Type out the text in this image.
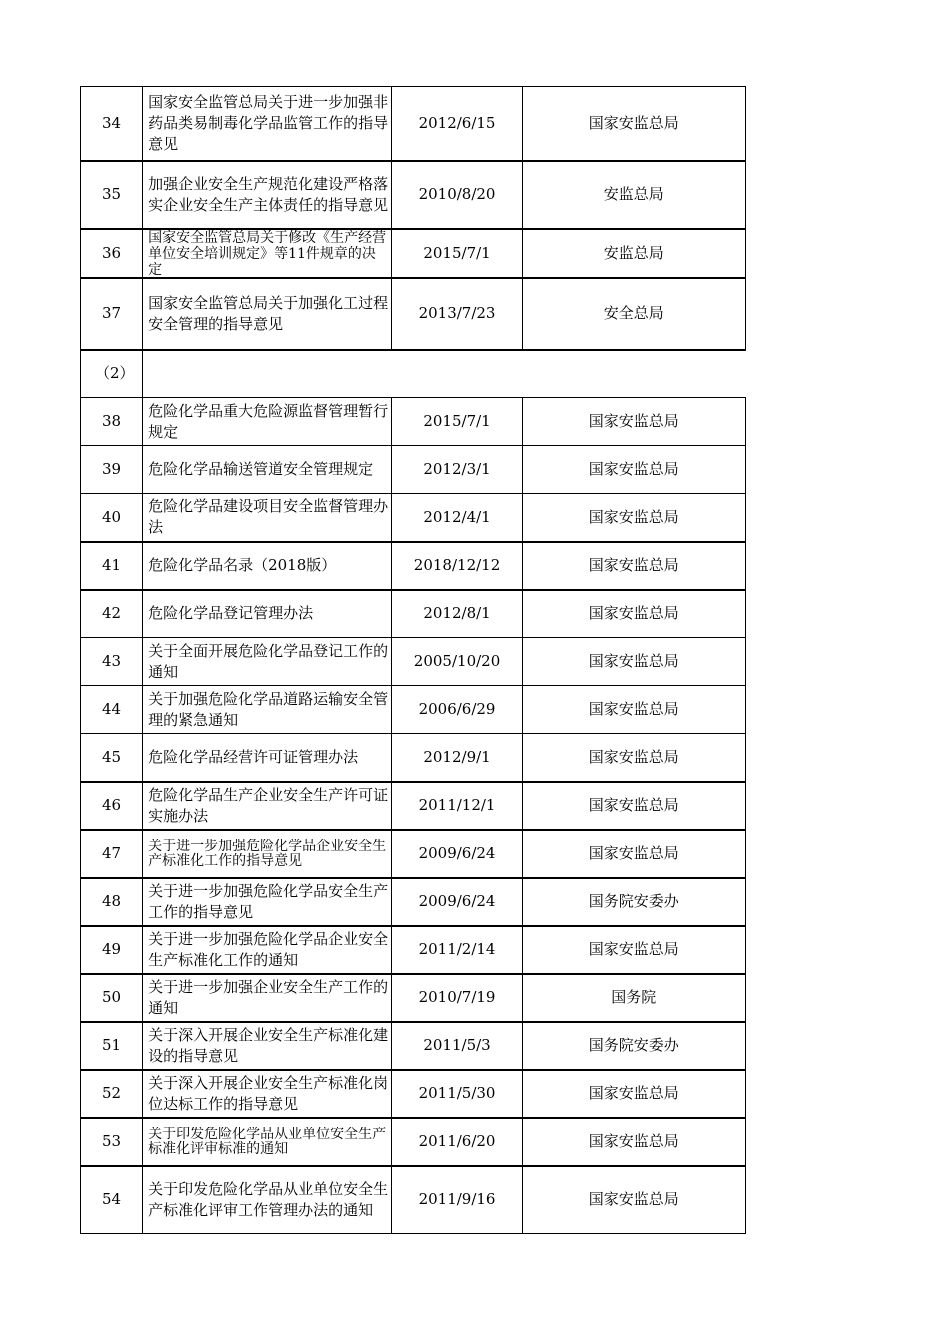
34	国家安全监管总局关于进一步加强非药品类易制毒化学品监管工作的指导意见	2012/6/15	国家安监总局
35	加强企业安全生产规范化建设严格落实企业安全生产主体责任的指导意见	2010/8/20	安监总局
36	国家安全监管总局关于修改《生产经营单位安全培训规定》等11件规章的决定	2015/7/1	安监总局
37	国家安全监管总局关于加强化工过程安全管理的指导意见	2013/7/23	安全总局
（2）			
38	危险化学品重大危险源监督管理暂行规定	2015/7/1	国家安监总局
39	危险化学品输送管道安全管理规定	2012/3/1	国家安监总局
40	危险化学品建设项目安全监督管理办法	2012/4/1	国家安监总局
41	危险化学品名录（2018版）	2018/12/12	国家安监总局
42	危险化学品登记管理办法	2012/8/1	国家安监总局
43	关于全面开展危险化学品登记工作的通知	2005/10/20	国家安监总局
44	关于加强危险化学品道路运输安全管理的紧急通知	2006/6/29	国家安监总局
45	危险化学品经营许可证管理办法	2012/9/1	国家安监总局
46	危险化学品生产企业安全生产许可证实施办法	2011/12/1	国家安监总局
47	关于进一步加强危险化学品企业安全生产标准化工作的指导意见	2009/6/24	国家安监总局
48	关于进一步加强危险化学品安全生产工作的指导意见	2009/6/24	国务院安委办
49	关于进一步加强危险化学品企业安全生产标准化工作的通知	2011/2/14	国家安监总局
50	关于进一步加强企业安全生产工作的通知	2010/7/19	国务院
51	关于深入开展企业安全生产标准化建设的指导意见	2011/5/3	国务院安委办
52	关于深入开展企业安全生产标准化岗位达标工作的指导意见	2011/5/30	国家安监总局
53	关于印发危险化学品从业单位安全生产标准化评审标准的通知	2011/6/20	国家安监总局
54	关于印发危险化学品从业单位安全生产标准化评审工作管理办法的通知	2011/9/16	国家安监总局
